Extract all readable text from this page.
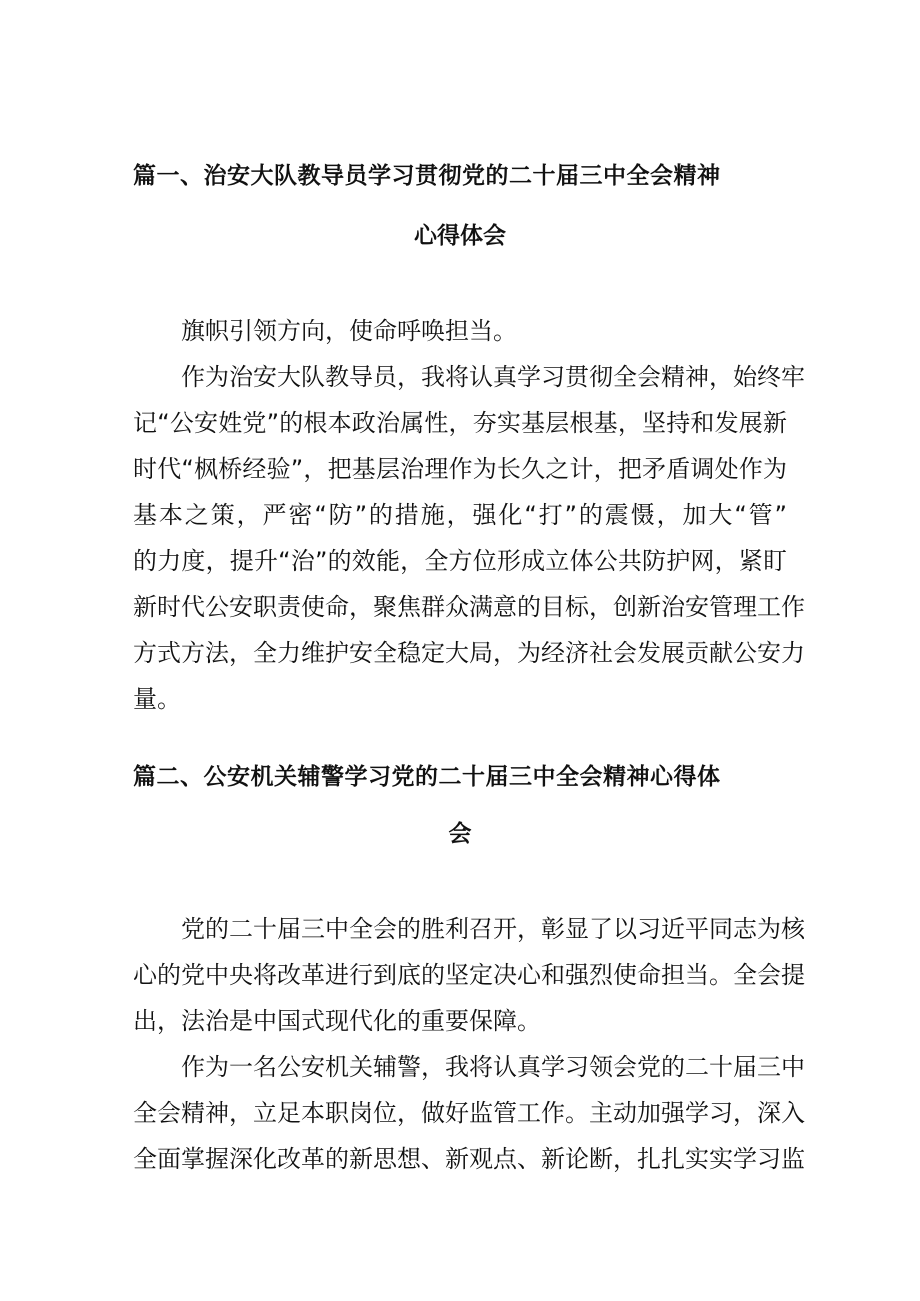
篇一、治安大队教导员学习贯彻党的二十届三中全会精神
心得体会
旗帜引领方向，使命呼唤担当。
作为治安大队教导员，我将认真学习贯彻全会精神，始终牢
记“公安姓党”的根本政治属性，夯实基层根基，坚持和发展新
时代“枫桥经验”，把基层治理作为长久之计，把矛盾调处作为
基本之策，严密“防”的措施，强化“打”的震慑，加大“管”
的力度，提升“治”的效能，全方位形成立体公共防护网，紧盯
新时代公安职责使命，聚焦群众满意的目标，创新治安管理工作
方式方法，全力维护安全稳定大局，为经济社会发展贡献公安力
量。
篇二、公安机关辅警学习党的二十届三中全会精神心得体
会
党的二十届三中全会的胜利召开，彰显了以习近平同志为核
心的党中央将改革进行到底的坚定决心和强烈使命担当。全会提
出，法治是中国式现代化的重要保障。
作为一名公安机关辅警，我将认真学习领会党的二十届三中
全会精神，立足本职岗位，做好监管工作。主动加强学习，深入
全面掌握深化改革的新思想、新观点、新论断，扎扎实实学习监
